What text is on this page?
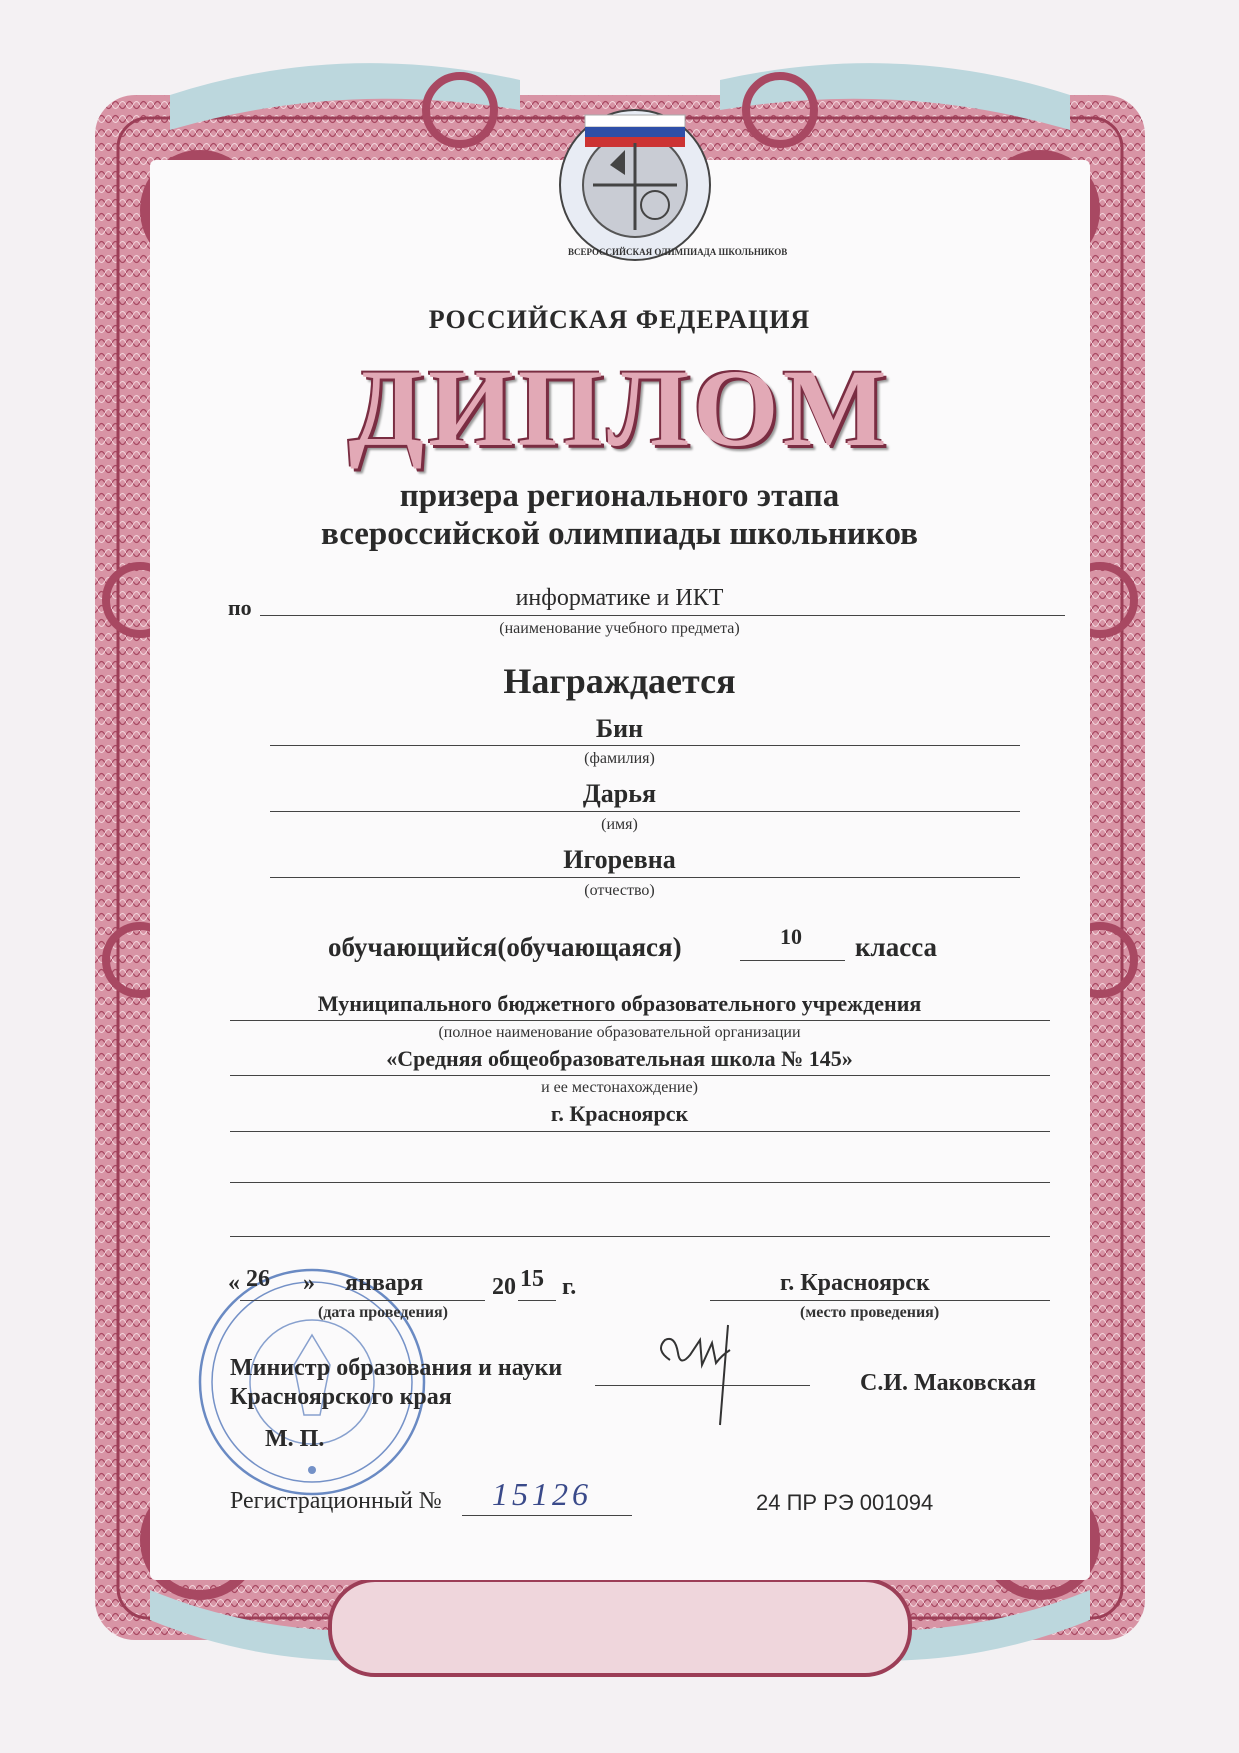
ВСЕРОССИЙСКАЯ ОЛИМПИАДА ШКОЛЬНИКОВ
РОССИЙСКАЯ ФЕДЕРАЦИЯ
ДИПЛОМ
призера регионального этапа
всероссийской олимпиады школьников
по	информатике и ИКТ
(наименование учебного предмета)
Награждается
Бин
(фамилия)
Дарья
(имя)
Игоревна
(отчество)
обучающийся(обучающаяся)	10 класса
Муниципального бюджетного образовательного учреждения
(полное наименование образовательной организации
«Средняя общеобразовательная школа № 145»
и ее местонахождение)
г. Красноярск
« 26 » января	20 15 г.
(дата проведения)
г. Красноярск
(место проведения)
Министр образования и науки
Красноярского края
С.И. Маковская
М. П.
Регистрационный № 15126	24 ПР РЭ 001094
